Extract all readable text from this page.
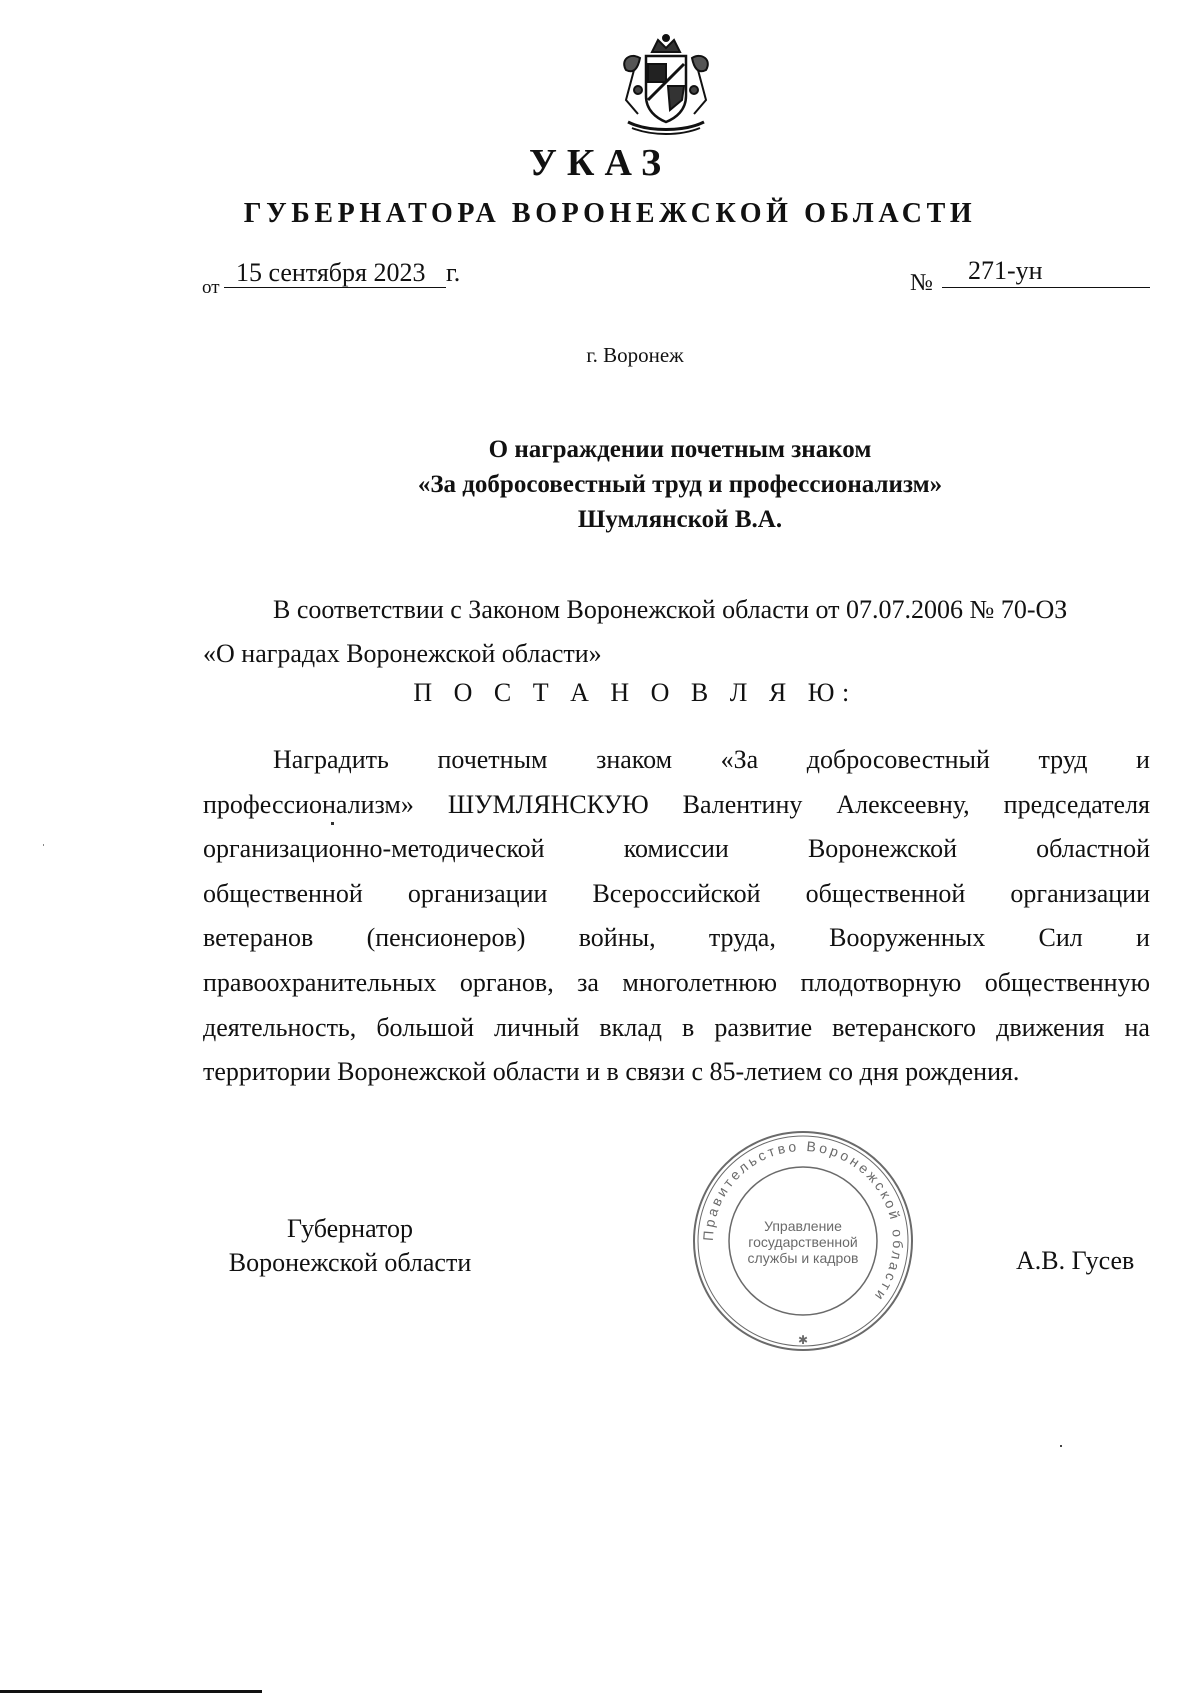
УКАЗ
ГУБЕРНАТОРА ВОРОНЕЖСКОЙ ОБЛАСТИ
от
15 сентября 2023 г.	№ 271-ун
г. Воронеж
О награждении почетным знаком
«За добросовестный труд и профессионализм»
Шумлянской В.А.
В соответствии с Законом Воронежской области от 07.07.2006 № 70-ОЗ
«О наградах Воронежской области»
П О С Т А Н О В Л Я Ю:
Наградить почетным знаком «За добросовестный труд и
профессионализм» ШУМЛЯНСКУЮ Валентину Алексеевну, председателя
организационно-методической	комиссии	Воронежской	областной
общественной организации Всероссийской общественной организации
ветеранов (пенсионеров) войны, труда, Вооруженных Сил и
правоохранительных органов, за многолетнюю плодотворную общественную
деятельность, большой личный вклад в развитие ветеранского движения на
территории Воронежской области и в связи с 85-летием со дня рождения.
Губернатор
Воронежской области	А.В. Гусев
Правительство Воронежской области
Управление
государственной
службы и кадров
✱
